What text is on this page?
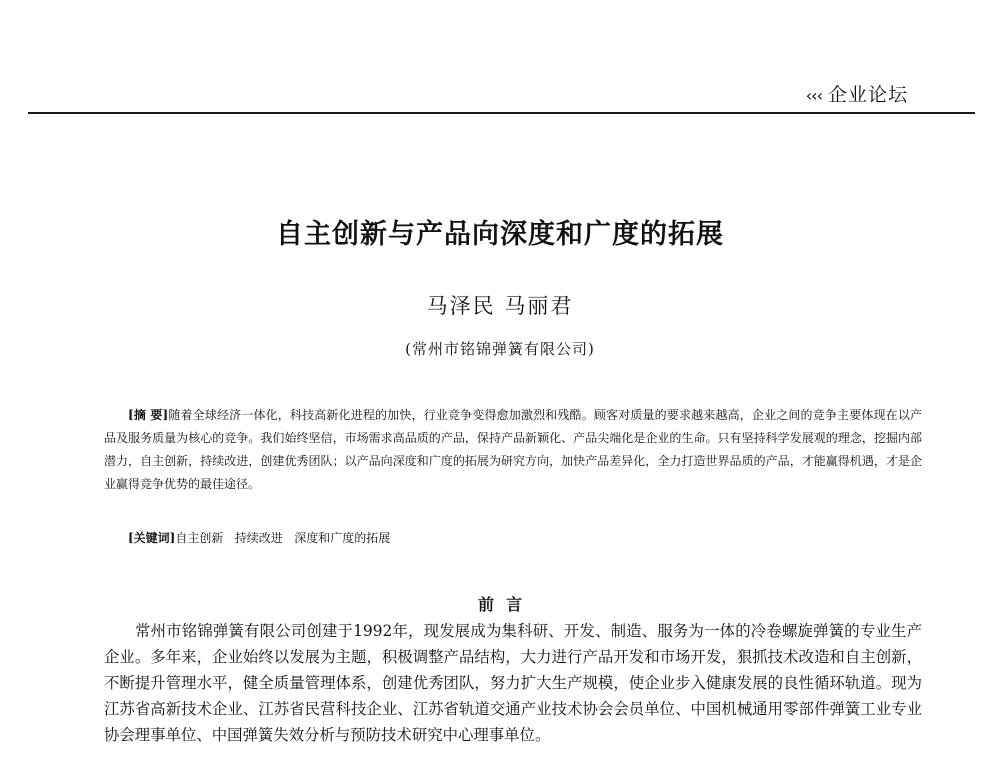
‹‹‹ 企业论坛
自主创新与产品向深度和广度的拓展
马泽民 马丽君
(常州市铭锦弹簧有限公司)

[摘 要]随着全球经济一体化，科技高新化进程的加快，行业竞争变得愈加激烈和残酷。顾客对质量的要求越来越高，企业之间的竞争主要体现在以产品及服务质量为核心的竞争。我们始终坚信，市场需求高品质的产品，保持产品新颖化、产品尖端化是企业的生命。只有坚持科学发展观的理念，挖掘内部潜力，自主创新，持续改进，创建优秀团队；以产品向深度和广度的拓展为研究方向，加快产品差异化，全力打造世界品质的产品，才能赢得机遇，才是企业赢得竞争优势的最佳途径。

[关键词]自主创新   持续改进   深度和广度的拓展
前言

常州市铭锦弹簧有限公司创建于1992年，现发展成为集科研、开发、制造、服务为一体的冷卷螺旋弹簧的专业生产企业。多年来，企业始终以发展为主题，积极调整产品结构，大力进行产品开发和市场开发，狠抓技术改造和自主创新，不断提升管理水平，健全质量管理体系，创建优秀团队，努力扩大生产规模，使企业步入健康发展的良性循环轨道。现为江苏省高新技术企业、江苏省民营科技企业、江苏省轨道交通产业技术协会会员单位、中国机械通用零部件弹簧工业专业协会理事单位、中国弹簧失效分析与预防技术研究中心理事单位。
